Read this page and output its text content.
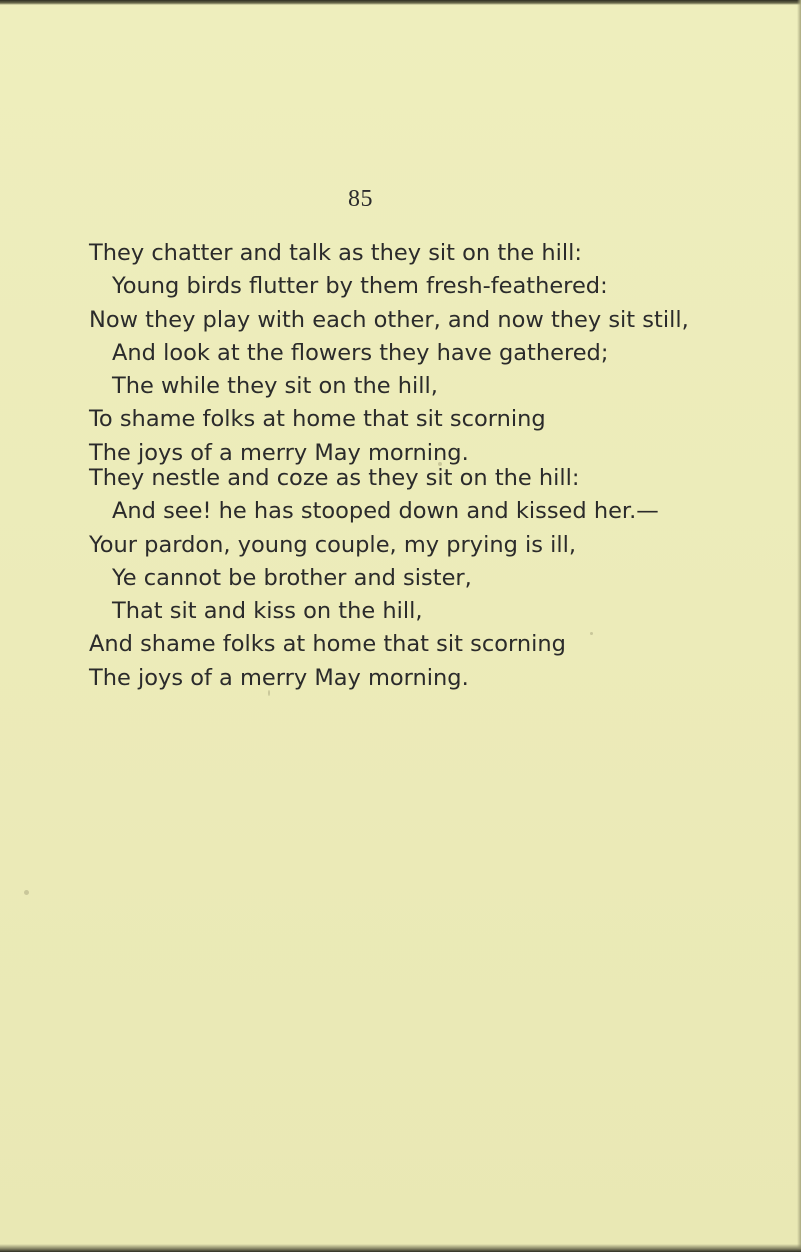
85
They chatter and talk as they sit on the hill:
Young birds flutter by them fresh-feathered:
Now they play with each other, and now they sit still,
And look at the flowers they have gathered;
The while they sit on the hill,
To shame folks at home that sit scorning
The joys of a merry May morning.
They nestle and coze as they sit on the hill:
And see! he has stooped down and kissed her.—
Your pardon, young couple, my prying is ill,
Ye cannot be brother and sister,
That sit and kiss on the hill,
And shame folks at home that sit scorning
The joys of a merry May morning.
